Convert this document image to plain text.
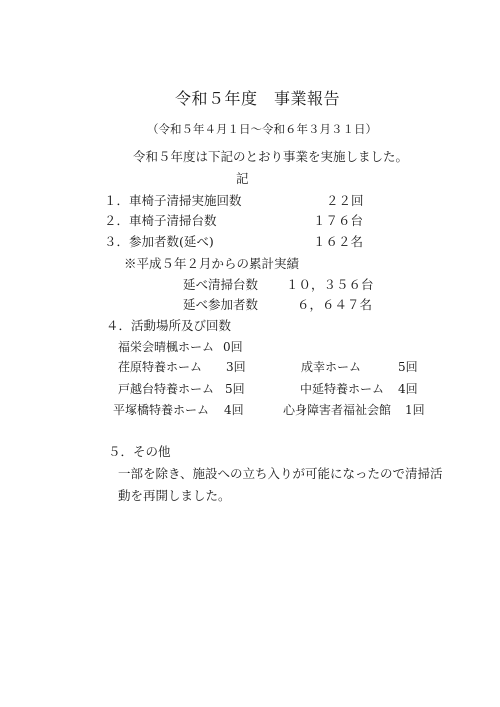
令和５年度　事業報告
（令和５年４月１日～令和６年３月３１日）
令和５年度は下記のとおり事業を実施しました。
記
１．車椅子清掃実施回数	２２回
２．車椅子清掃台数	１７６台
３．参加者数(延べ)	１６２名
※平成５年２月からの累計実績
延べ清掃台数 １０，３５６台
延べ参加者数	６，６４７名
４．活動場所及び回数
福栄会晴楓ホーム 0回
荏原特養ホーム 3回	成幸ホーム	5回
戸越台特養ホーム 5回	中延特養ホーム 4回
平塚橋特養ホーム 4回	心身障害者福祉会館 1回
５．その他
一部を除き、施設への立ち入りが可能になったので清掃活
動を再開しました。
